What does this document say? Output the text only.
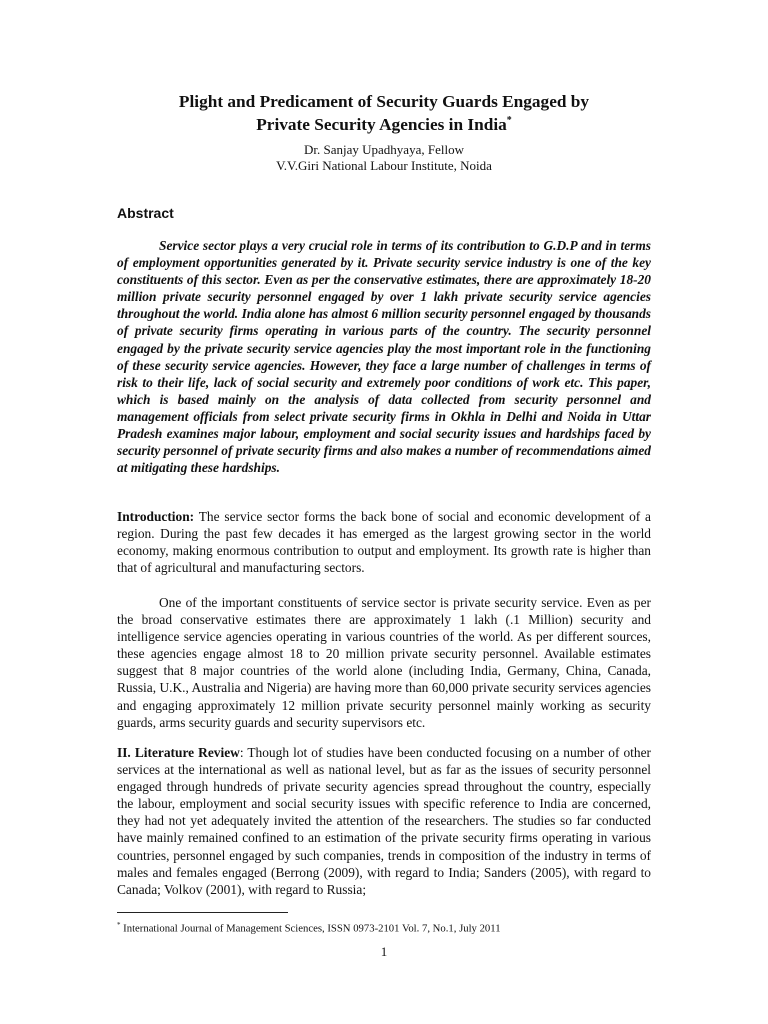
Plight and Predicament of Security Guards Engaged by
Private Security Agencies in India*
Dr. Sanjay Upadhyaya, Fellow
V.V.Giri National Labour Institute, Noida
Abstract

Service sector plays a very crucial role in terms of its contribution to G.D.P and in terms of employment opportunities generated by it. Private security service industry is one of the key constituents of this sector. Even as per the conservative estimates, there are approximately 18-20 million private security personnel engaged by over 1 lakh private security service agencies throughout the world. India alone has almost 6 million security personnel engaged by thousands of private security firms operating in various parts of the country. The security personnel engaged by the private security service agencies play the most important role in the functioning of these security service agencies. However, they face a large number of challenges in terms of risk to their life, lack of social security and extremely poor conditions of work etc. This paper, which is based mainly on the analysis of data collected from security personnel and management officials from select private security firms in Okhla in Delhi and Noida in Uttar Pradesh examines major labour, employment and social security issues and hardships faced by security personnel of private security firms and also makes a number of recommendations aimed at mitigating these hardships.

Introduction: The service sector forms the back bone of social and economic development of a region. During the past few decades it has emerged as the largest growing sector in the world economy, making enormous contribution to output and employment. Its growth rate is higher than that of agricultural and manufacturing sectors.

One of the important constituents of service sector is private security service. Even as per the broad conservative estimates there are approximately 1 lakh (.1 Million) security and intelligence service agencies operating in various countries of the world. As per different sources, these agencies engage almost 18 to 20 million private security personnel. Available estimates suggest that 8 major countries of the world alone (including India, Germany, China, Canada, Russia, U.K., Australia and Nigeria) are having more than 60,000 private security services agencies and engaging approximately 12 million private security personnel mainly working as security guards, arms security guards and security supervisors etc.

II. Literature Review: Though lot of studies have been conducted focusing on a number of other services at the international as well as national level, but as far as the issues of security personnel engaged through hundreds of private security agencies spread throughout the country, especially the labour, employment and social security issues with specific reference to India are concerned, they had not yet adequately invited the attention of the researchers. The studies so far conducted have mainly remained confined to an estimation of the private security firms operating in various countries, personnel engaged by such companies, trends in composition of the industry in terms of males and females engaged (Berrong (2009), with regard to India; Sanders (2005), with regard to Canada; Volkov (2001), with regard to Russia;

* International Journal of Management Sciences, ISSN 0973-2101 Vol. 7, No.1, July 2011
1
